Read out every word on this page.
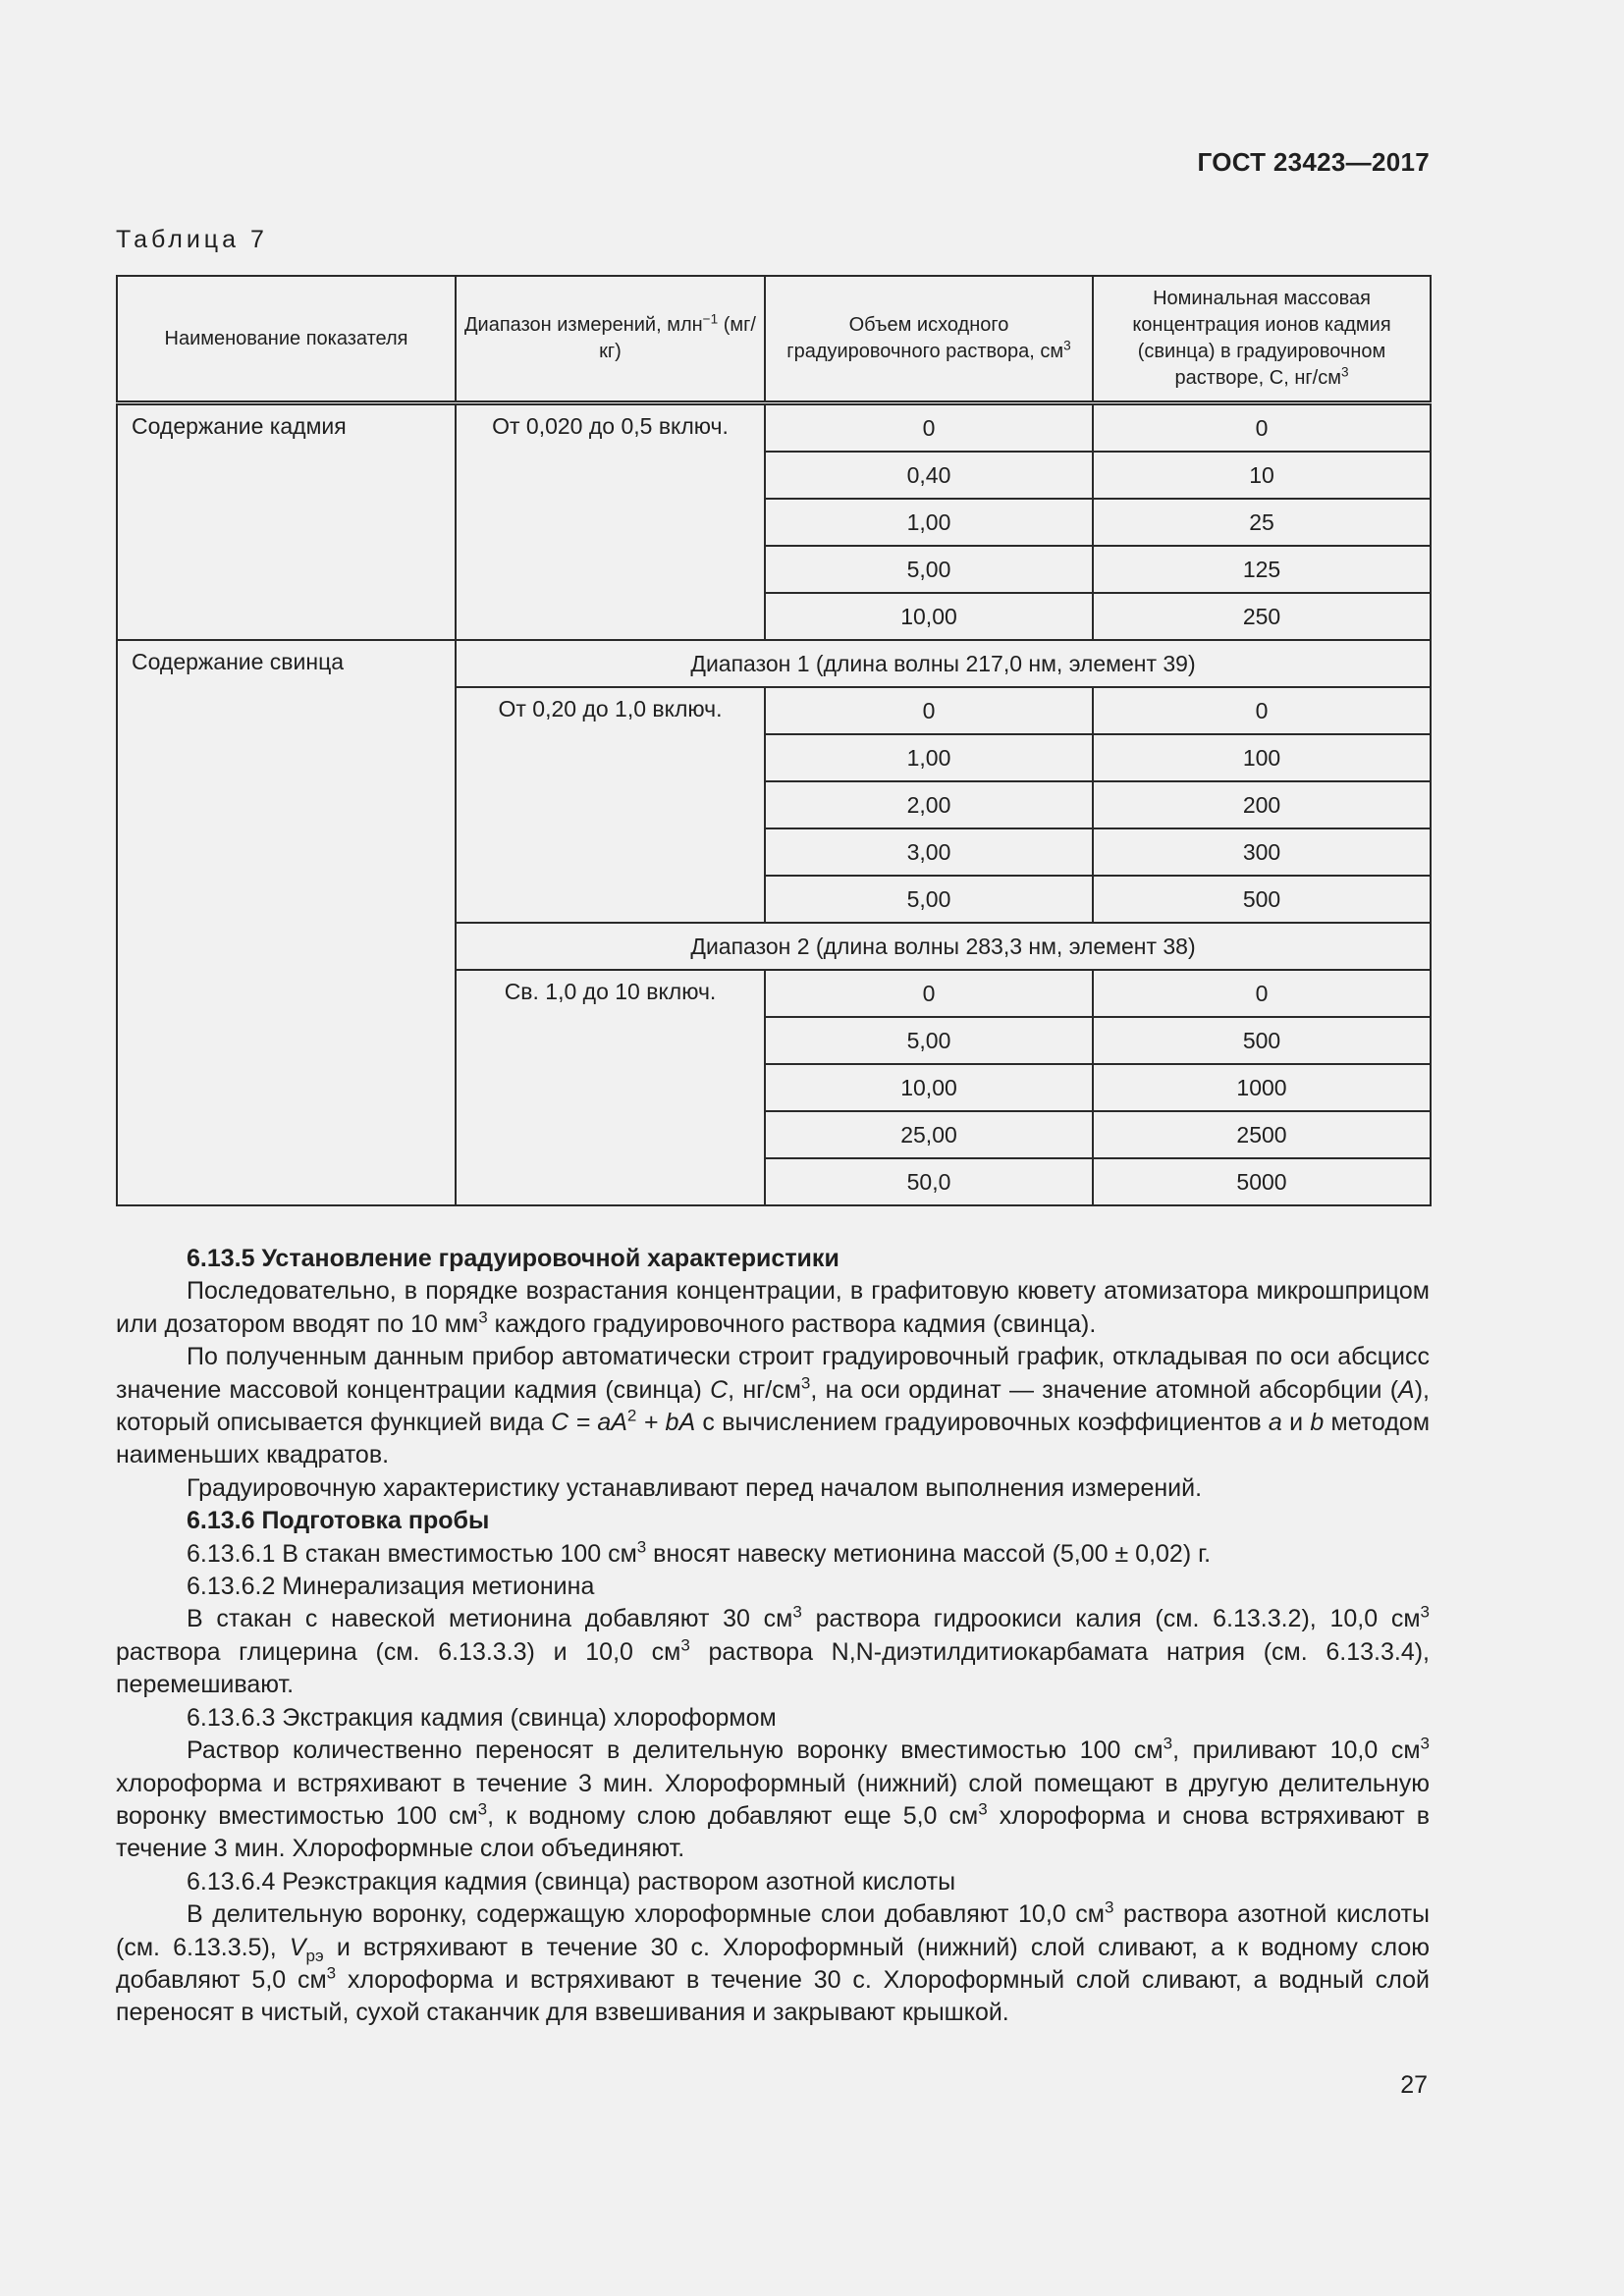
ГОСТ 23423—2017
Таблица 7
Наименование показателя	Диапазон измерений, млн$^{-1}$ (мг/кг)	Объем исходного градуировочного раствора, $см^3$	Номинальная массовая концентрация ионов кадмия (свинца) в градуировочном растворе, C, $нг/см^3$
Содержание кадмия	От 0,020 до 0,5 включ.	0	0
		0,40	10
		1,00	25
		5,00	125
		10,00	250
Содержание свинца	Диапазон 1 (длина волны 217,0 нм, элемент 39)		
	От 0,20 до 1,0 включ.	0	0
		1,00	100
		2,00	200
		3,00	300
		5,00	500
	Диапазон 2 (длина волны 283,3 нм, элемент 38)		
	Св. 1,0 до 10 включ.	0	0
		5,00	500
		10,00	1000
		25,00	2500
		50,0	5000

6.13.5 Установление градуировочной характеристики

Последовательно, в порядке возрастания концентрации, в графитовую кювету атомизатора микрошприцом или дозатором вводят по 10 $мм^3$ каждого градуировочного раствора кадмия (свинца).

По полученным данным прибор автоматически строит градуировочный график, откладывая по оси абсцисс значение массовой концентрации кадмия (свинца) C, $нг/см^3$, на оси ординат — значение атомной абсорбции (A), который описывается функцией вида $C = aA^2$ + bA с вычислением градуировочных коэффициентов a и b методом наименьших квадратов.

Градуировочную характеристику устанавливают перед началом выполнения измерений.

6.13.6 Подготовка пробы

6.13.6.1 В стакан вместимостью 100 $см^3$ вносят навеску метионина массой (5,00 ± 0,02) г.

6.13.6.2 Минерализация метионина

В стакан с навеской метионина добавляют 30 $см^3$ раствора гидроокиси калия (см. 6.13.3.2), 10,0 $см^3$ раствора глицерина (см. 6.13.3.3) и 10,0 $см^3$ раствора N,N-диэтилдитиокарбамата натрия (см. 6.13.3.4), перемешивают.

6.13.6.3 Экстракция кадмия (свинца) хлороформом

Раствор количественно переносят в делительную воронку вместимостью 100 $см^3$, приливают 10,0 $см^3$ хлороформа и встряхивают в течение 3 мин. Хлороформный (нижний) слой помещают в другую делительную воронку вместимостью 100 $см^3$, к водному слою добавляют еще 5,0 $см^3$ хлороформа и снова встряхивают в течение 3 мин. Хлороформные слои объединяют.

6.13.6.4 Реэкстракция кадмия (свинца) раствором азотной кислоты

В делительную воронку, содержащую хлороформные слои добавляют 10,0 $см^3$ раствора азотной кислоты (см. 6.13.3.5), $V_{рэ}$ и встряхивают в течение 30 с. Хлороформный (нижний) слой сливают, а к водному слою добавляют 5,0 $см^3$ хлороформа и встряхивают в течение 30 с. Хлороформный слой сливают, а водный слой переносят в чистый, сухой стаканчик для взвешивания и закрывают крышкой.

27
